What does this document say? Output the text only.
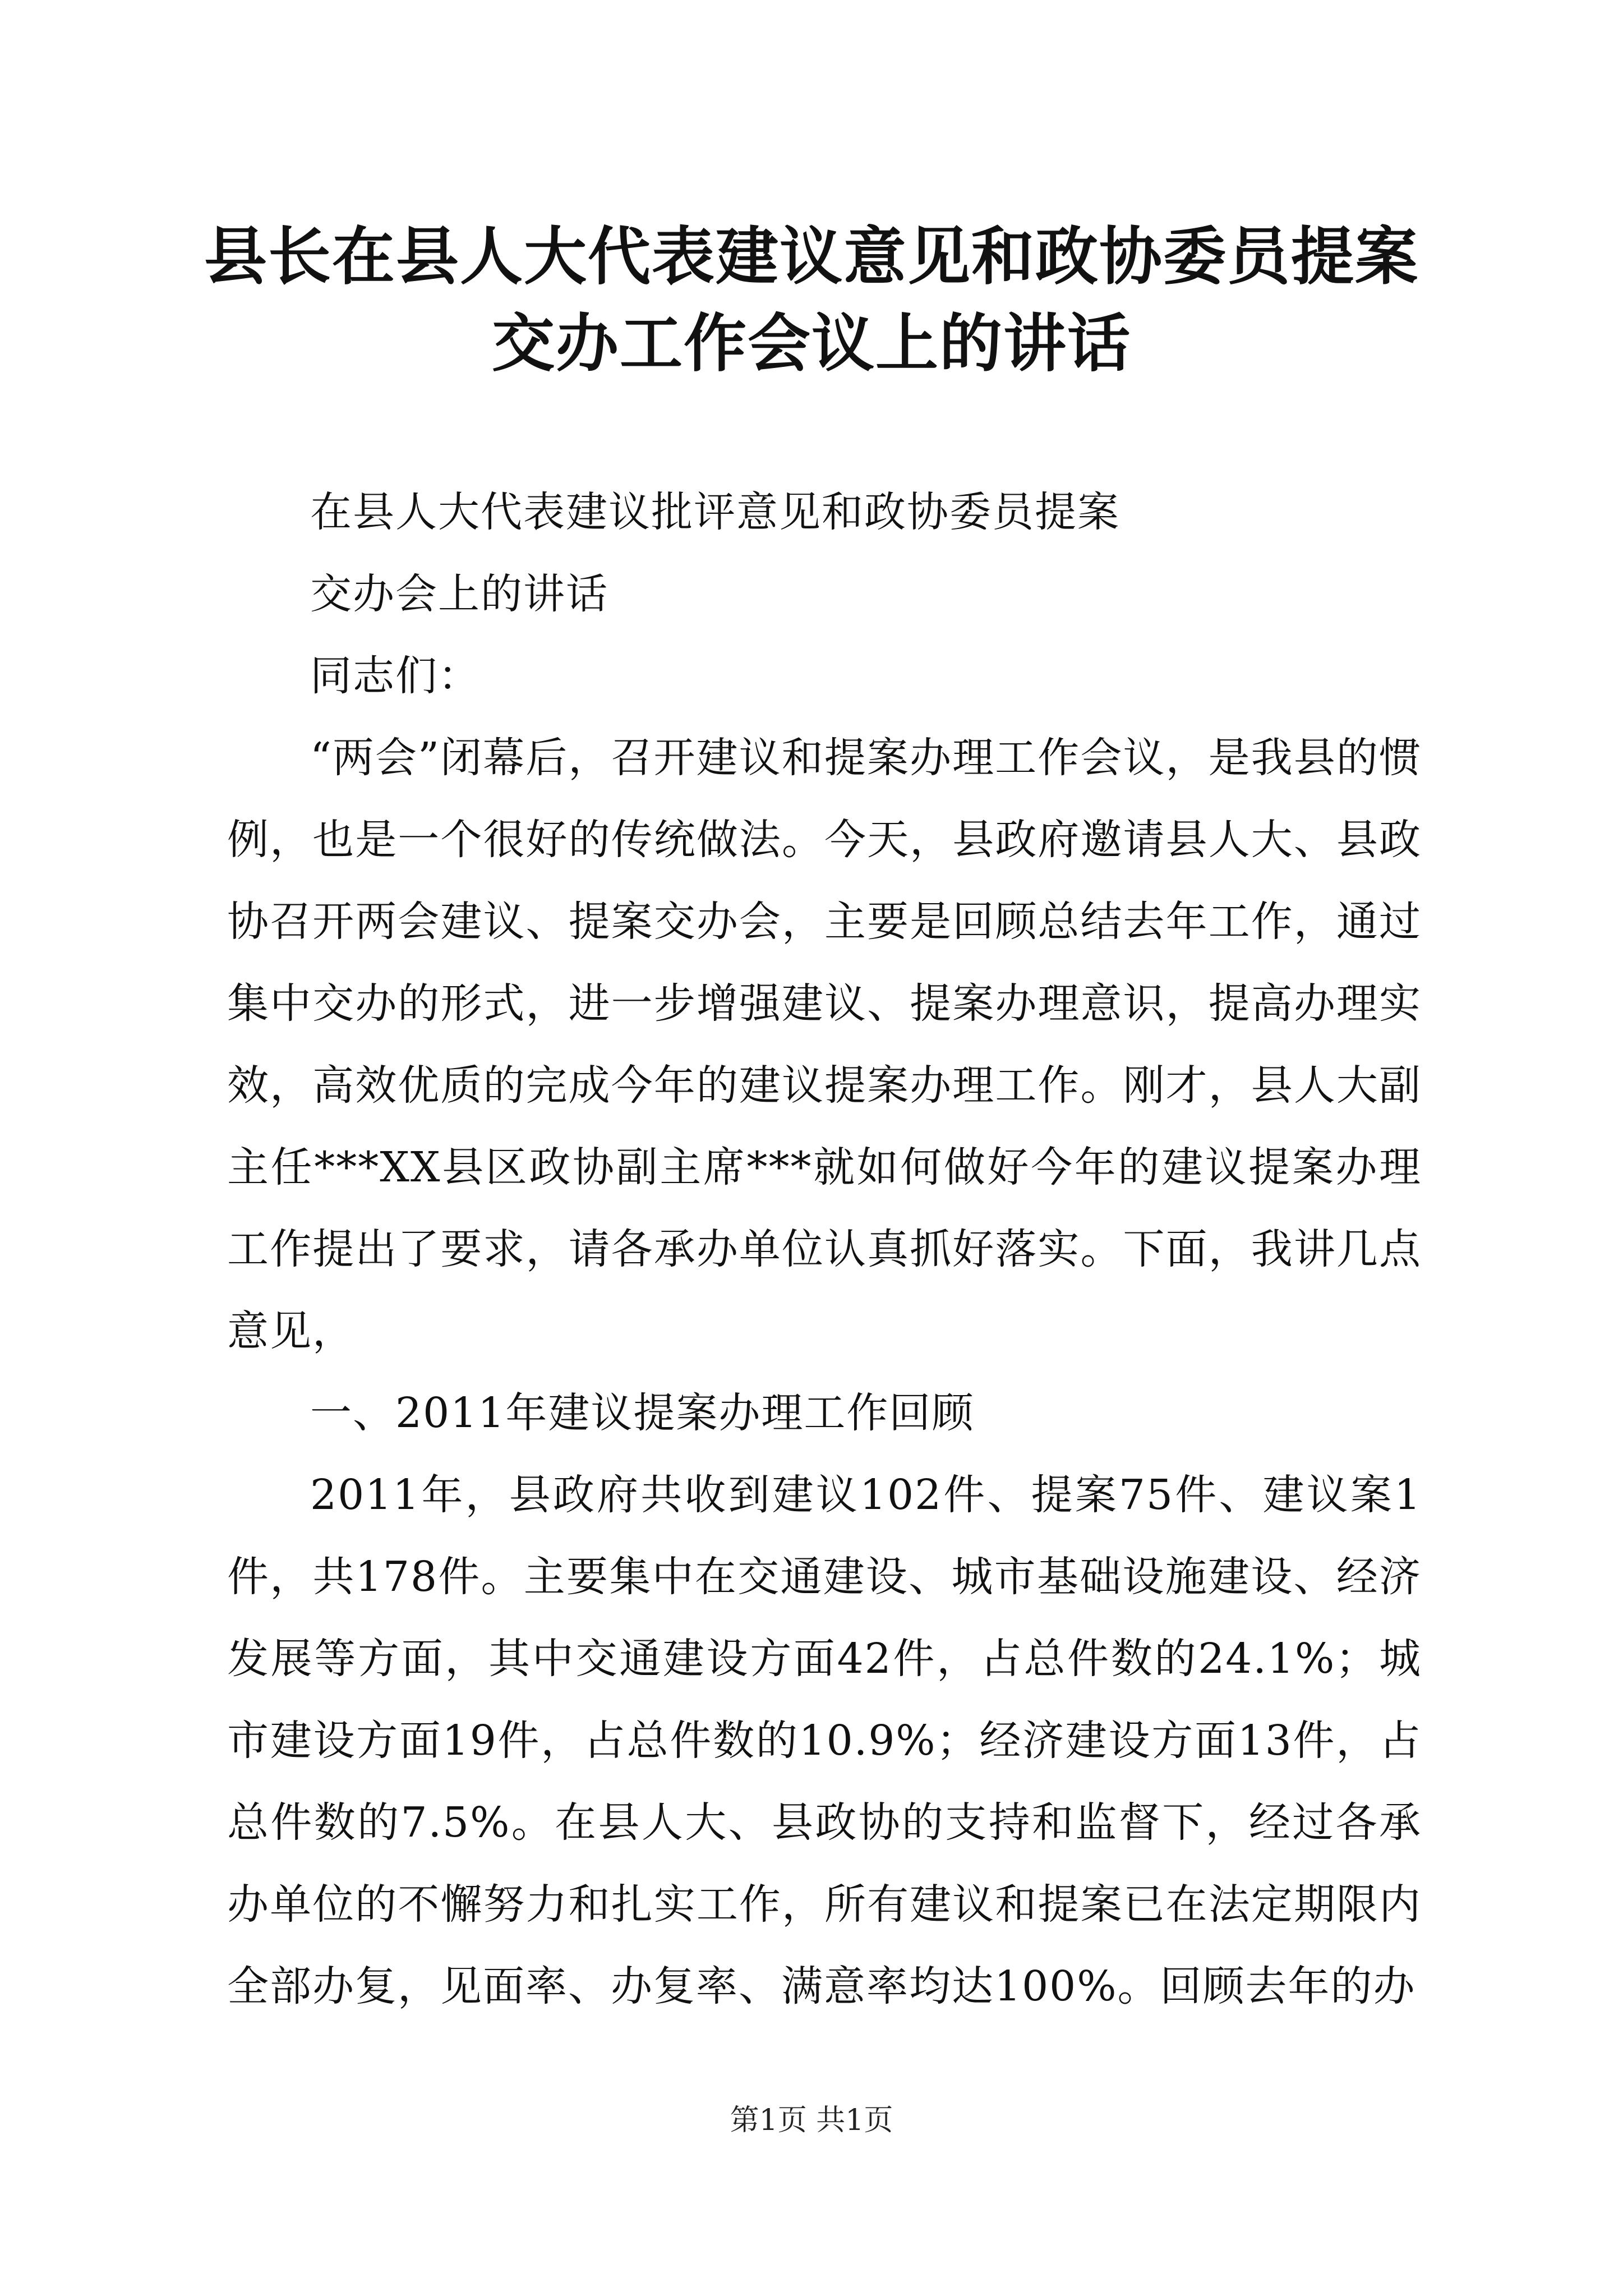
县长在县人大代表建议意见和政协委员提案交办工作会议上的讲话

在县人大代表建议批评意见和政协委员提案

交办会上的讲话

同志们：

“两会”闭幕后，召开建议和提案办理工作会议，是我县的惯例，也是一个很好的传统做法。今天，县政府邀请县人大、县政协召开两会建议、提案交办会，主要是回顾总结去年工作，通过集中交办的形式，进一步增强建议、提案办理意识，提高办理实效，高效优质的完成今年的建议提案办理工作。刚才，县人大副主任***XX县区政协副主席***就如何做好今年的建议提案办理工作提出了要求，请各承办单位认真抓好落实。下面，我讲几点意见，

一、2011年建议提案办理工作回顾

2011年，县政府共收到建议102件、提案75件、建议案1件，共178件。主要集中在交通建设、城市基础设施建设、经济发展等方面，其中交通建设方面42件，占总件数的24.1%；城市建设方面19件，占总件数的10.9%；经济建设方面13件，占总件数的7.5%。在县人大、县政协的支持和监督下，经过各承办单位的不懈努力和扎实工作，所有建议和提案已在法定期限内全部办复，见面率、办复率、满意率均达100%。回顾去年的办

第1页 共1页
